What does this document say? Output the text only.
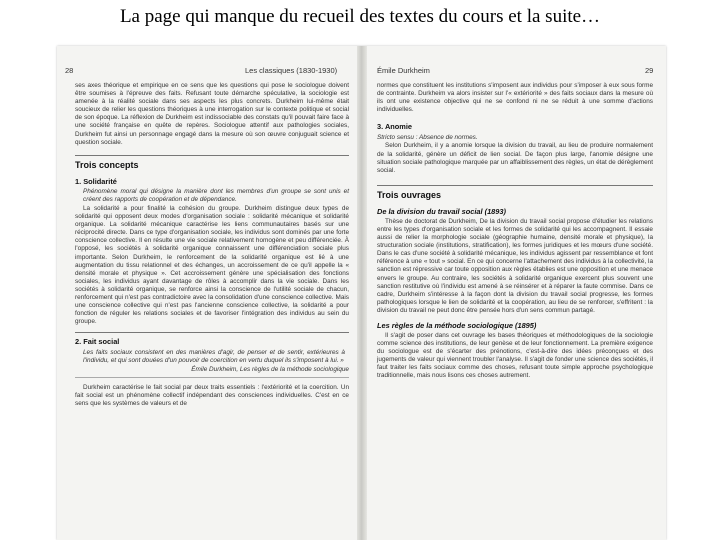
La page qui manque du recueil des textes du cours et la suite…
28	Les classiques (1830-1930)

ses axes théorique et empirique en ce sens que les questions qui pose le sociologue doivent être soumises à l'épreuve des faits. Refusant toute démarche spéculative, la sociologie est amenée à la réalité sociale dans ses aspects les plus concrets. Durkheim lui-même était soucieux de relier les questions théoriques à une interrogation sur le contexte politique et social de son époque. La réflexion de Durkheim est indissociable des constats qu'il pouvait faire face à une société française en quête de repères. Sociologue attentif aux pathologies sociales, Durkheim fut ainsi un personnage engagé dans la mesure où son œuvre conjuguait science et question sociale.

Trois concepts

1. Solidarité

Phénomène moral qui désigne la manière dont les membres d'un groupe se sont unis et créent des rapports de coopération et de dépendance.

La solidarité a pour finalité la cohésion du groupe. Durkheim distingue deux types de solidarité qui opposent deux modes d'organisation sociale : solidarité mécanique et solidarité organique. La solidarité mécanique caractérise les liens communautaires basés sur une réciprocité directe. Dans ce type d'organisation sociale, les individus sont dominés par une forte conscience collective. Il en résulte une vie sociale relativement homogène et peu différenciée. À l'opposé, les sociétés à solidarité organique connaissent une différenciation sociale plus importante. Selon Durkheim, le renforcement de la solidarité organique est lié à une augmentation du tissu relationnel et des échanges, un accroissement de ce qu'il appelle la « densité morale et physique ». Cet accroissement génère une spécialisation des fonctions sociales, les individus ayant davantage de rôles à accomplir dans la vie sociale. Dans les sociétés à solidarité organique, se renforce ainsi la conscience de l'utilité sociale de chacun, renforcement qui n'est pas contradictoire avec la consolidation d'une conscience collective. Mais une conscience collective qui n'est pas l'ancienne conscience collective, la solidarité a pour fonction de réguler les relations sociales et de favoriser l'intégration des individus au sein du groupe.

2. Fait social

Les faits sociaux consistent en des manières d'agir, de penser et de sentir, extérieures à l'individu, et qui sont douées d'un pouvoir de coercition en vertu duquel ils s'imposent à lui. »

Émile Durkheim, Les règles de la méthode sociologique

Durkheim caractérise le fait social par deux traits essentiels : l'extériorité et la coercition. Un fait social est un phénomène collectif indépendant des consciences individuelles. C'est en ce sens que les systèmes de valeurs et de

Émile Durkheim	29

normes que constituent les institutions s'imposent aux individus pour s'imposer à eux sous forme de contrainte. Durkheim va alors insister sur l'« extériorité » des faits sociaux dans la mesure où ils ont une existence objective qui ne se confond ni ne se réduit à une somme d'actions individuelles.

3. Anomie

Stricto sensu : Absence de normes.

Selon Durkheim, il y a anomie lorsque la division du travail, au lieu de produire normalement de la solidarité, génère un déficit de lien social. De façon plus large, l'anomie désigne une situation sociale pathologique marquée par un affaiblissement des règles, un état de dérèglement social.

Trois ouvrages

De la division du travail social (1893)

Thèse de doctorat de Durkheim, De la division du travail social propose d'étudier les relations entre les types d'organisation sociale et les formes de solidarité qui les accompagnent. Il essaie aussi de relier la morphologie sociale (géographie humaine, densité morale et physique), la structuration sociale (institutions, stratification), les formes juridiques et les mœurs d'une société. Dans le cas d'une société à solidarité mécanique, les individus agissent par ressemblance et font référence à une « tout » social. En ce qui concerne l'attachement des individus à la collectivité, la sanction est répressive car toute opposition aux règles établies est une opposition et une menace envers le groupe. Au contraire, les sociétés à solidarité organique exercent plus souvent une sanction restitutive où l'individu est amené à se réinsérer et à réparer la faute commise. Dans ce cadre, Durkheim s'intéresse à la façon dont la division du travail social progresse, les formes pathologiques lorsque le lien de solidarité et la coopération, au lieu de se renforcer, s'effritent : la division du travail ne peut donc être pensée hors d'un sens commun partagé.

Les règles de la méthode sociologique (1895)

Il s'agit de poser dans cet ouvrage les bases théoriques et méthodologiques de la sociologie comme science des institutions, de leur genèse et de leur fonctionnement. La première exigence du sociologue est de s'écarter des prénotions, c'est-à-dire des idées préconçues et des jugements de valeur qui viennent troubler l'analyse. Il s'agit de fonder une science des sociétés, il faut traiter les faits sociaux comme des choses, refusant toute simple approche psychologique traditionnelle, mais nous lisons ces choses autrement.
